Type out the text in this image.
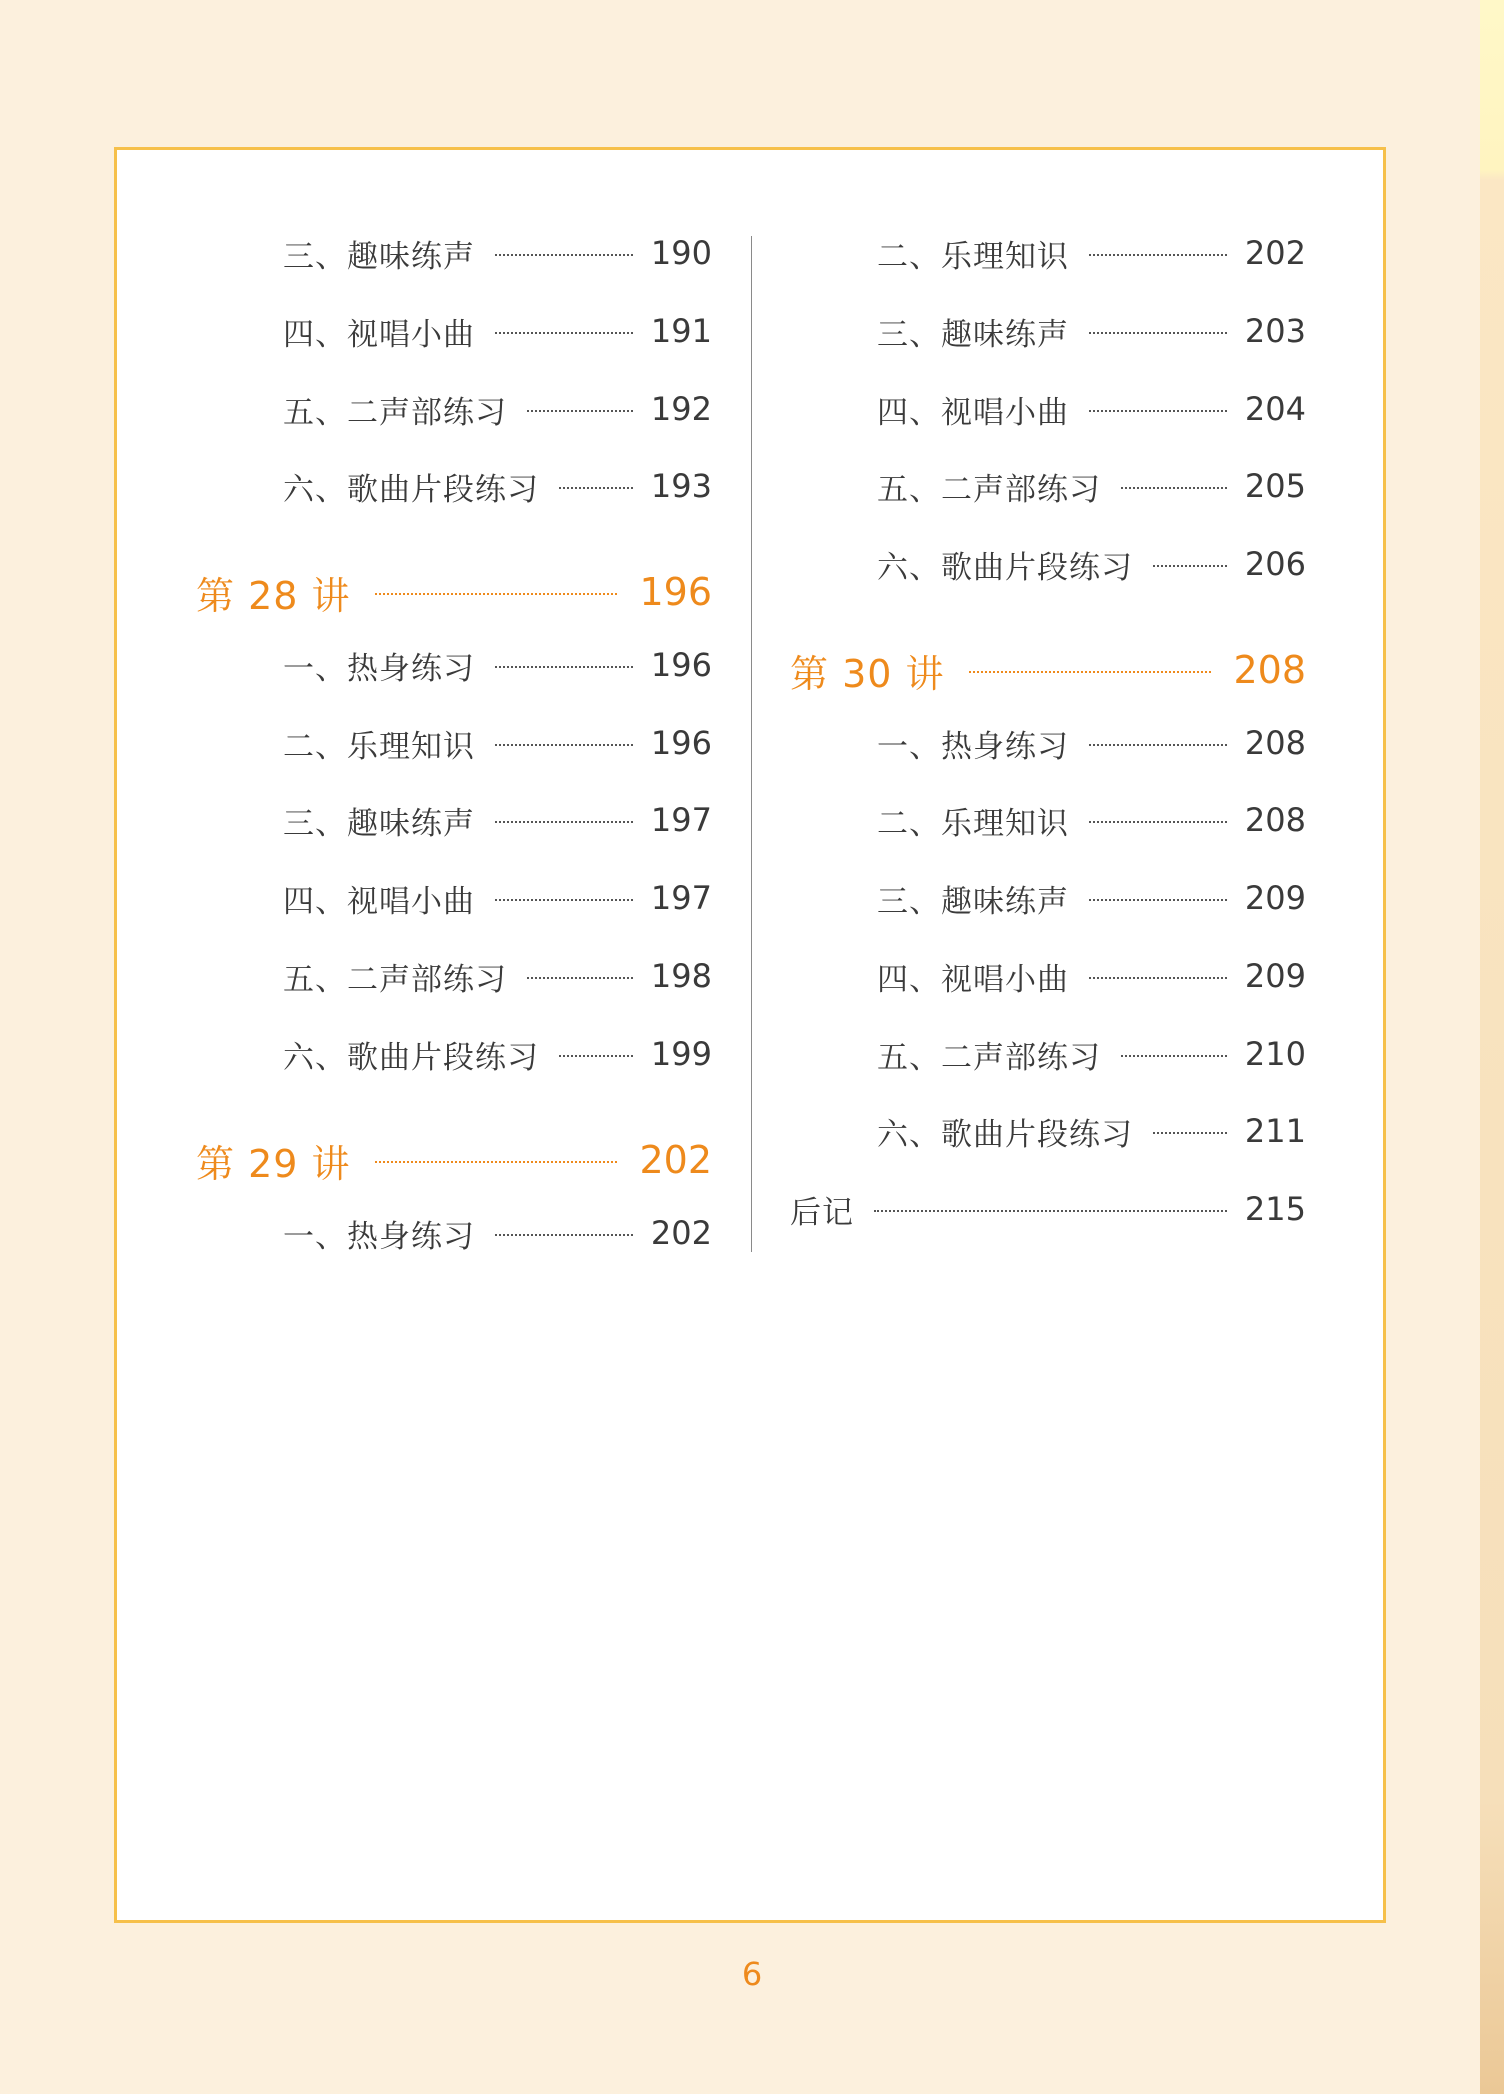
三、趣味练声	190
四、视唱小曲	191
五、二声部练习	192
六、歌曲片段练习	193
第 28 讲	196
一、热身练习	196
二、乐理知识	196
三、趣味练声	197
四、视唱小曲	197
五、二声部练习	198
六、歌曲片段练习	199
第 29 讲	202
一、热身练习	202
二、乐理知识	202
三、趣味练声	203
四、视唱小曲	204
五、二声部练习	205
六、歌曲片段练习	206
第 30 讲	208
一、热身练习	208
二、乐理知识	208
三、趣味练声	209
四、视唱小曲	209
五、二声部练习	210
六、歌曲片段练习	211
后记	215
6
